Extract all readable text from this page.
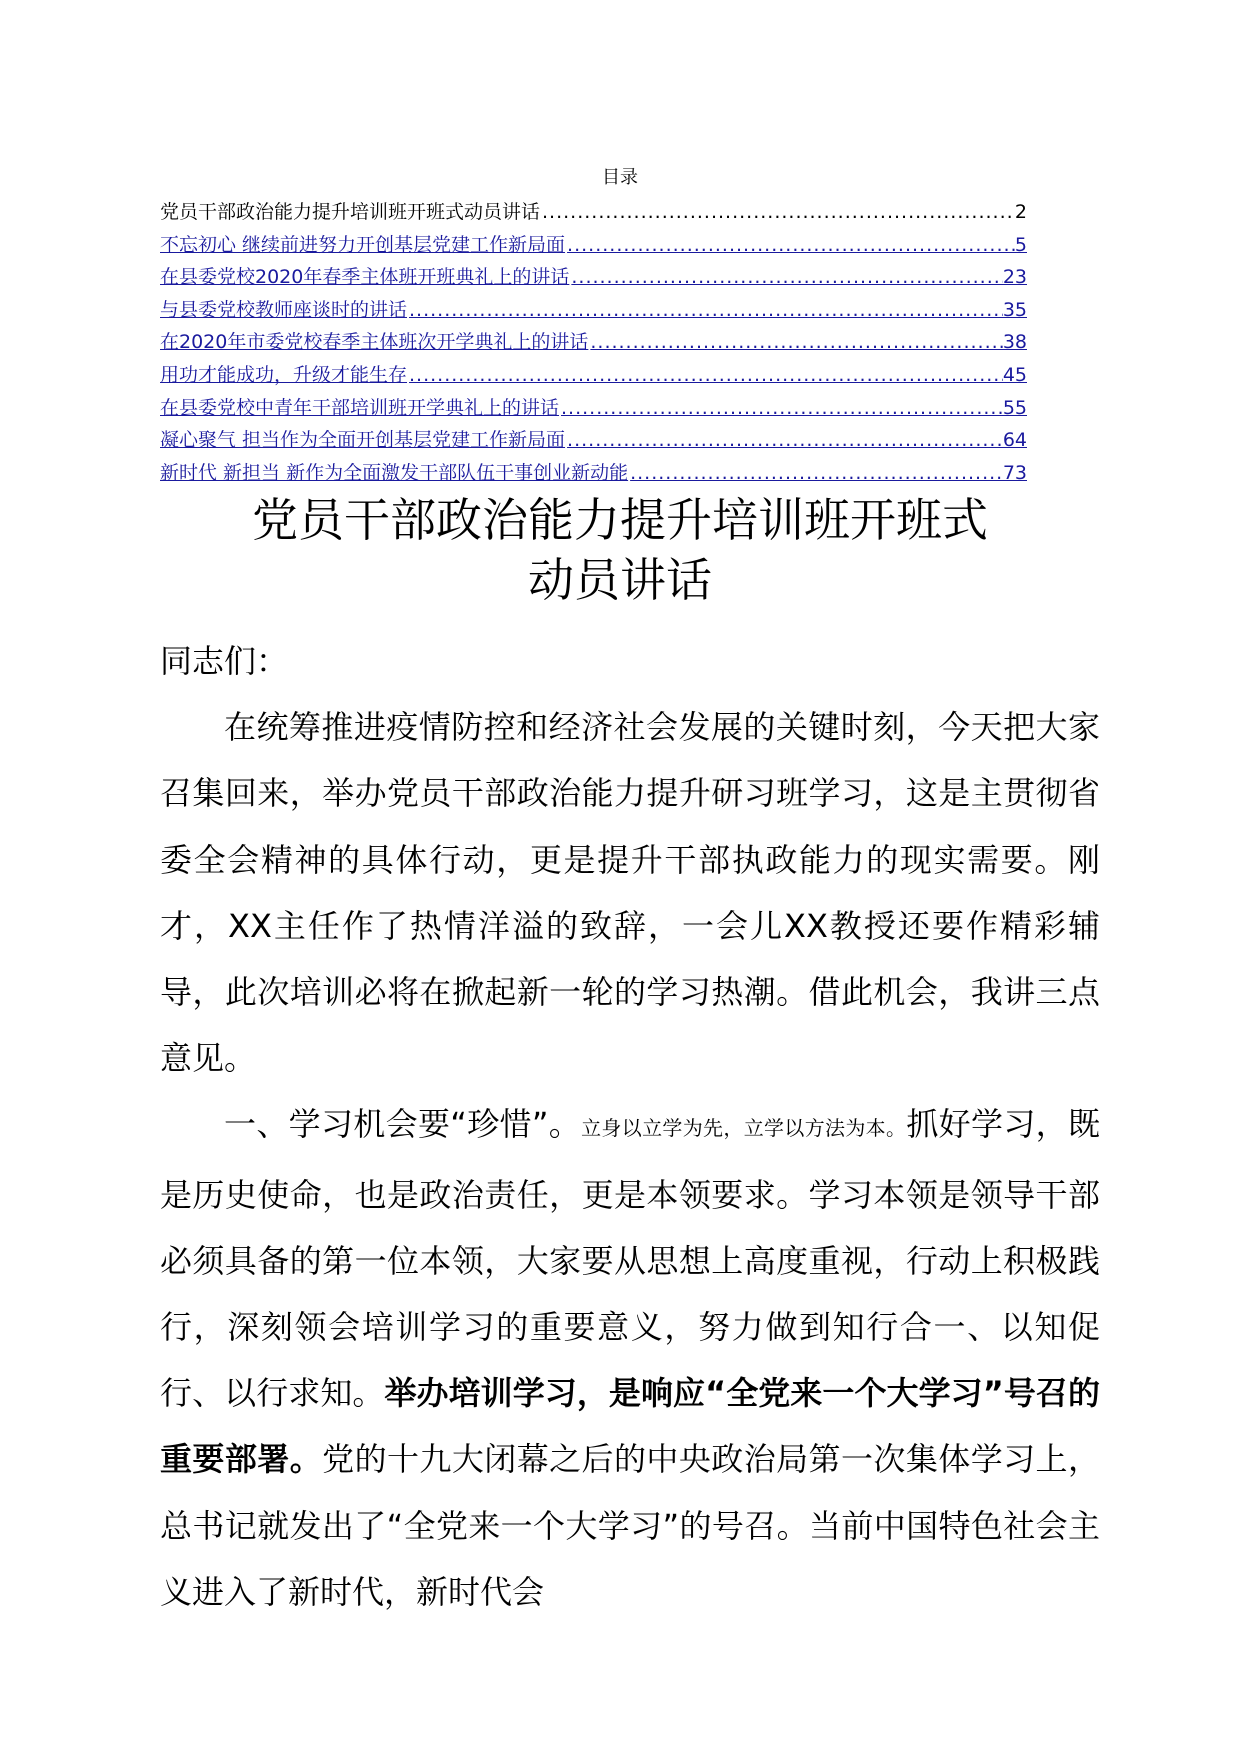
目录
党员干部政治能力提升培训班开班式动员讲话 .....	2
不忘初心 继续前进努力开创基层党建工作新局面 .....	5
在县委党校2020年春季主体班开班典礼上的讲话 .....	23
与县委党校教师座谈时的讲话 .....	35
在2020年市委党校春季主体班次开学典礼上的讲话 .....	38
用功才能成功，升级才能生存 .....	45
在县委党校中青年干部培训班开学典礼上的讲话 .....	55
凝心聚气 担当作为全面开创基层党建工作新局面 .....	64
新时代 新担当 新作为全面激发干部队伍干事创业新动能 .....	73
党员干部政治能力提升培训班开班式
动员讲话

同志们：

在统筹推进疫情防控和经济社会发展的关键时刻，今天把大家召集回来，举办党员干部政治能力提升研习班学习，这是主贯彻省委全会精神的具体行动，更是提升干部执政能力的现实需要。刚才，XX主任作了热情洋溢的致辞，一会儿XX教授还要作精彩辅导，此次培训必将在掀起新一轮的学习热潮。借此机会，我讲三点意见。

一、学习机会要“珍惜”。立身以立学为先，立学以方法为本。抓好学习，既是历史使命，也是政治责任，更是本领要求。学习本领是领导干部必须具备的第一位本领，大家要从思想上高度重视，行动上积极践行，深刻领会培训学习的重要意义，努力做到知行合一、以知促行、以行求知。举办培训学习，是响应“全党来一个大学习”号召的重要部署。党的十九大闭幕之后的中央政治局第一次集体学习上，总书记就发出了“全党来一个大学习”的号召。当前中国特色社会主义进入了新时代，新时代会
